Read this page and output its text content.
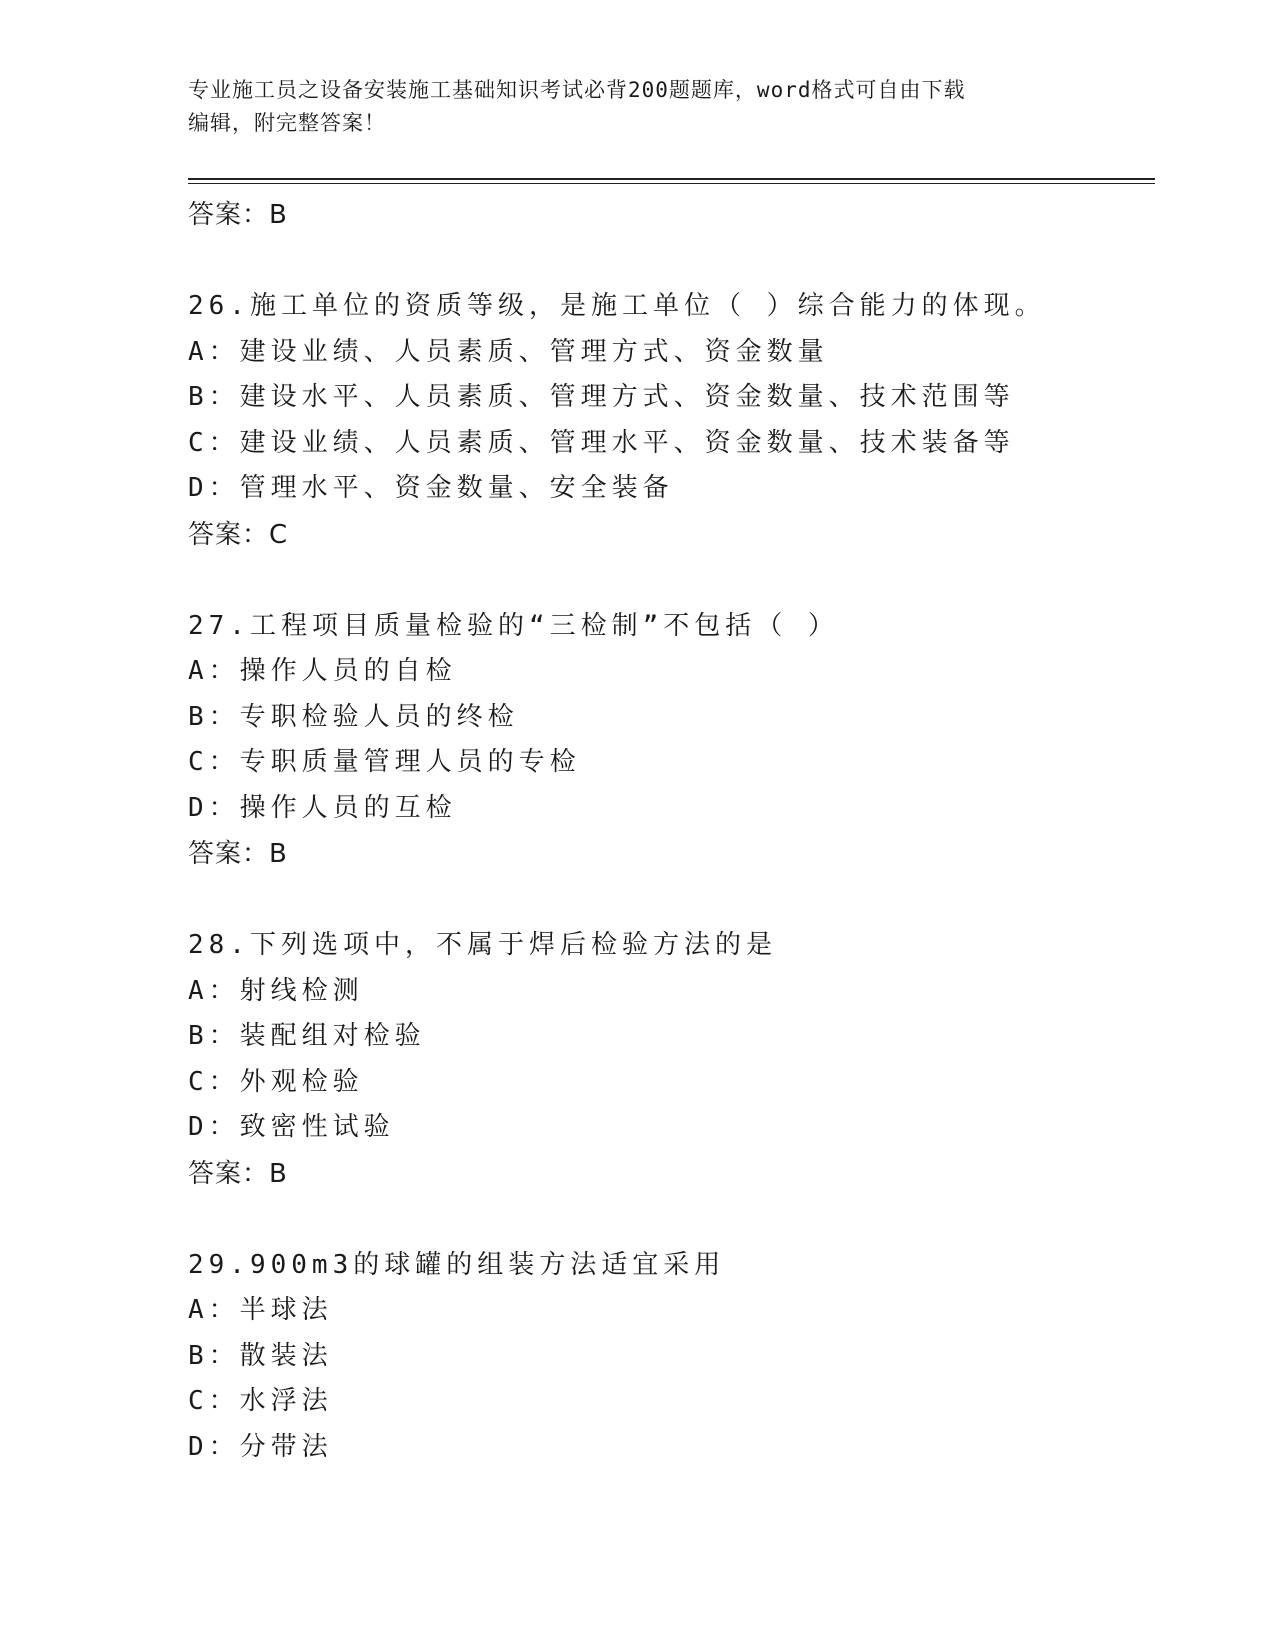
专业施工员之设备安装施工基础知识考试必背200题题库，word格式可自由下载
编辑，附完整答案！
答案：B
26.施工单位的资质等级，是施工单位（ ）综合能力的体现。
A：建设业绩、人员素质、管理方式、资金数量
B：建设水平、人员素质、管理方式、资金数量、技术范围等
C：建设业绩、人员素质、管理水平、资金数量、技术装备等
D：管理水平、资金数量、安全装备
答案：C
27.工程项目质量检验的“三检制”不包括（ ）
A：操作人员的自检
B：专职检验人员的终检
C：专职质量管理人员的专检
D：操作人员的互检
答案：B
28.下列选项中，不属于焊后检验方法的是
A：射线检测
B：装配组对检验
C：外观检验
D：致密性试验
答案：B
29.900m3的球罐的组装方法适宜采用
A：半球法
B：散装法
C：水浮法
D：分带法
